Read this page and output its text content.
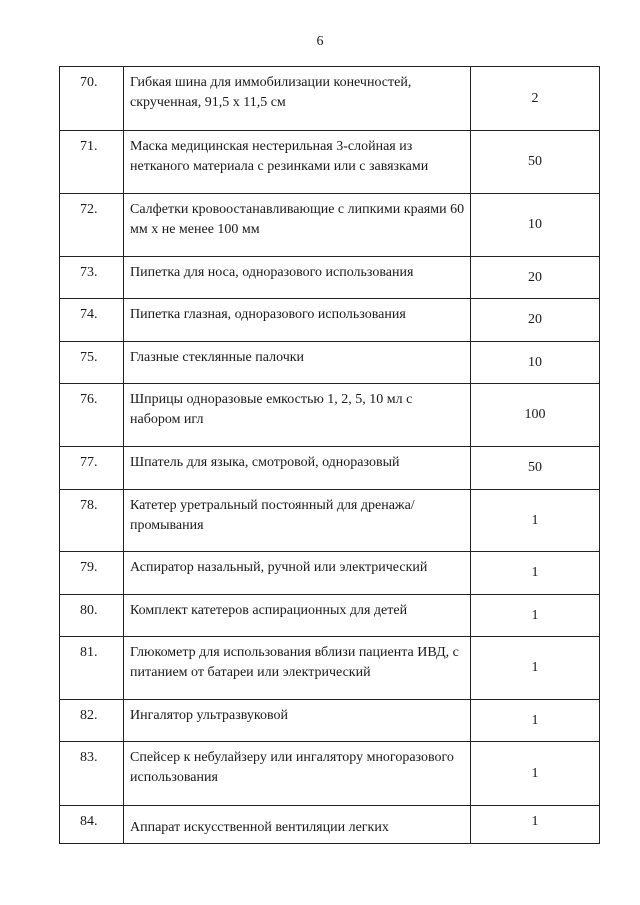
6
70.	Гибкая шина для иммобилизации конечностей, скрученная, 91,5 х 11,5 см	2
71.	Маска медицинская нестерильная 3-слойная из нетканого материала с резинками или с завязками	50
72.	Салфетки кровоостанавливающие с липкими краями 60 мм х не менее 100 мм	10
73.	Пипетка для носа, одноразового использования	20
74.	Пипетка глазная, одноразового использования	20
75.	Глазные стеклянные палочки	10
76.	Шприцы одноразовые емкостью 1, 2, 5, 10 мл с набором игл	100
77.	Шпатель для языка, смотровой, одноразовый	50
78.	Катетер уретральный постоянный для дренажа/промывания	1
79.	Аспиратор назальный, ручной или электрический	1
80.	Комплект катетеров аспирационных для детей	1
81.	Глюкометр для использования вблизи пациента ИВД, с питанием от батареи или электрический	1
82.	Ингалятор ультразвуковой	1
83.	Спейсер к небулайзеру или ингалятору многоразового использования	1
84.	Аппарат искусственной вентиляции легких	1
